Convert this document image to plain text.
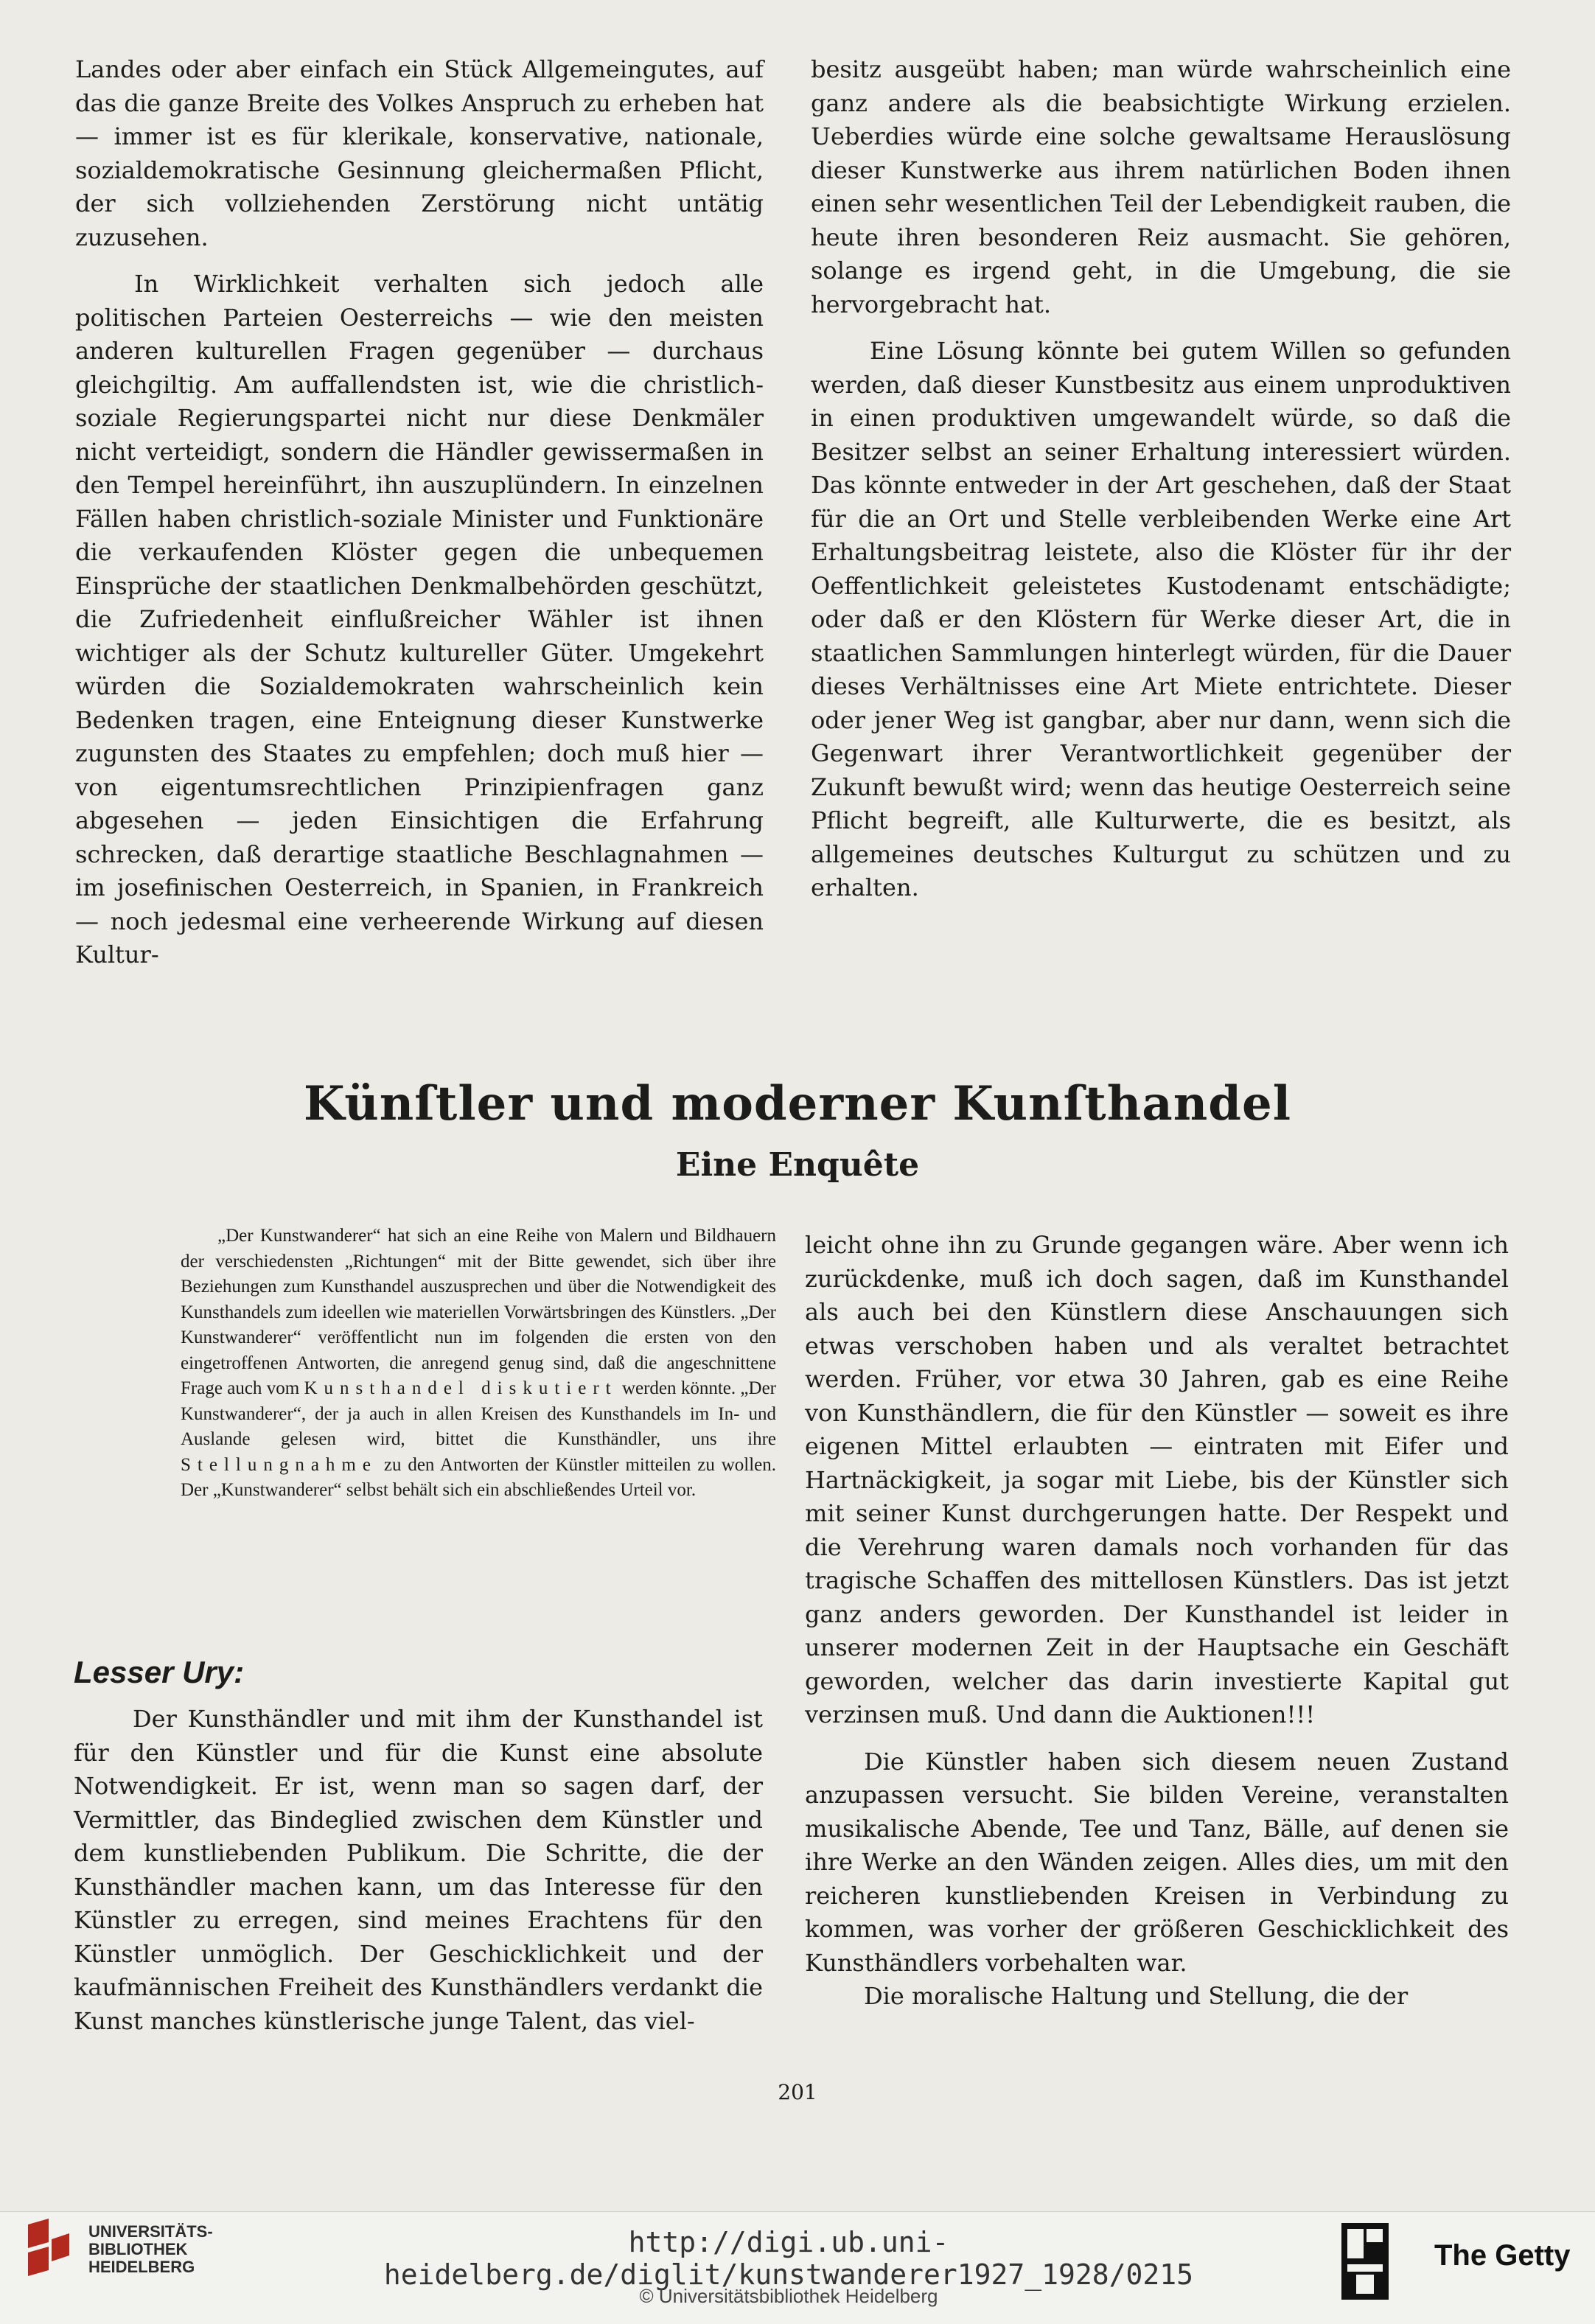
Landes oder aber einfach ein Stück Allgemeingutes, auf das die ganze Breite des Volkes Anspruch zu erheben hat — immer ist es für klerikale, konservative, nationale, sozialdemokratische Gesinnung gleichermaßen Pflicht, der sich vollziehenden Zerstörung nicht untätig zuzusehen.

In Wirklichkeit verhalten sich jedoch alle politischen Parteien Oesterreichs — wie den meisten anderen kulturellen Fragen gegenüber — durchaus gleichgiltig. Am auffallendsten ist, wie die christlich-soziale Regierungspartei nicht nur diese Denkmäler nicht verteidigt, sondern die Händler gewissermaßen in den Tempel hereinführt, ihn auszuplündern. In einzelnen Fällen haben christlich-soziale Minister und Funktionäre die verkaufenden Klöster gegen die unbequemen Einsprüche der staatlichen Denkmalbehörden geschützt, die Zufriedenheit einflußreicher Wähler ist ihnen wichtiger als der Schutz kultureller Güter. Umgekehrt würden die Sozialdemokraten wahrscheinlich kein Bedenken tragen, eine Enteignung dieser Kunstwerke zugunsten des Staates zu empfehlen; doch muß hier — von eigentumsrechtlichen Prinzipienfragen ganz abgesehen — jeden Einsichtigen die Erfahrung schrecken, daß derartige staatliche Beschlagnahmen — im josefinischen Oesterreich, in Spanien, in Frankreich — noch jedesmal eine verheerende Wirkung auf diesen Kultur-

besitz ausgeübt haben; man würde wahrscheinlich eine ganz andere als die beabsichtigte Wirkung erzielen. Ueberdies würde eine solche gewaltsame Herauslösung dieser Kunstwerke aus ihrem natürlichen Boden ihnen einen sehr wesentlichen Teil der Lebendigkeit rauben, die heute ihren besonderen Reiz ausmacht. Sie gehören, solange es irgend geht, in die Umgebung, die sie hervorgebracht hat.

Eine Lösung könnte bei gutem Willen so gefunden werden, daß dieser Kunstbesitz aus einem unproduktiven in einen produktiven umgewandelt würde, so daß die Besitzer selbst an seiner Erhaltung interessiert würden. Das könnte entweder in der Art geschehen, daß der Staat für die an Ort und Stelle verbleibenden Werke eine Art Erhaltungsbeitrag leistete, also die Klöster für ihr der Oeffentlichkeit geleistetes Kustodenamt entschädigte; oder daß er den Klöstern für Werke dieser Art, die in staatlichen Sammlungen hinterlegt würden, für die Dauer dieses Verhältnisses eine Art Miete entrichtete. Dieser oder jener Weg ist gangbar, aber nur dann, wenn sich die Gegenwart ihrer Verantwortlichkeit gegenüber der Zukunft bewußt wird; wenn das heutige Oesterreich seine Pflicht begreift, alle Kulturwerte, die es besitzt, als allgemeines deutsches Kulturgut zu schützen und zu erhalten.

Künſtler und moderner Kunſthandel
Eine Enquête
„Der Kunstwanderer“ hat sich an eine Reihe von Malern und Bildhauern der verschiedensten „Richtungen“ mit der Bitte gewendet, sich über ihre Beziehungen zum Kunsthandel auszusprechen und über die Notwendigkeit des Kunsthandels zum ideellen wie materiellen Vorwärtsbringen des Künstlers. „Der Kunstwanderer“ veröffentlicht nun im folgenden die ersten von den eingetroffenen Antworten, die anregend genug sind, daß die angeschnittene Frage auch vom Kunsthandel diskutiert werden könnte. „Der Kunstwanderer“, der ja auch in allen Kreisen des Kunsthandels im In- und Auslande gelesen wird, bittet die Kunsthändler, uns ihre Stellungnahme zu den Antworten der Künstler mitteilen zu wollen. Der „Kunstwanderer“ selbst behält sich ein abschließendes Urteil vor.
Lesser Ury:

Der Kunsthändler und mit ihm der Kunsthandel ist für den Künstler und für die Kunst eine absolute Notwendigkeit. Er ist, wenn man so sagen darf, der Vermittler, das Bindeglied zwischen dem Künstler und dem kunstliebenden Publikum. Die Schritte, die der Kunsthändler machen kann, um das Interesse für den Künstler zu erregen, sind meines Erachtens für den Künstler unmöglich. Der Geschicklichkeit und der kaufmännischen Freiheit des Kunsthändlers verdankt die Kunst manches künstlerische junge Talent, das viel-

leicht ohne ihn zu Grunde gegangen wäre. Aber wenn ich zurückdenke, muß ich doch sagen, daß im Kunsthandel als auch bei den Künstlern diese Anschauungen sich etwas verschoben haben und als veraltet betrachtet werden. Früher, vor etwa 30 Jahren, gab es eine Reihe von Kunsthändlern, die für den Künstler — soweit es ihre eigenen Mittel erlaubten — eintraten mit Eifer und Hartnäckigkeit, ja sogar mit Liebe, bis der Künstler sich mit seiner Kunst durchgerungen hatte. Der Respekt und die Verehrung waren damals noch vorhanden für das tragische Schaffen des mittellosen Künstlers. Das ist jetzt ganz anders geworden. Der Kunsthandel ist leider in unserer modernen Zeit in der Hauptsache ein Geschäft geworden, welcher das darin investierte Kapital gut verzinsen muß. Und dann die Auktionen!!!

Die Künstler haben sich diesem neuen Zustand anzupassen versucht. Sie bilden Vereine, veranstalten musikalische Abende, Tee und Tanz, Bälle, auf denen sie ihre Werke an den Wänden zeigen. Alles dies, um mit den reicheren kunstliebenden Kreisen in Verbindung zu kommen, was vorher der größeren Geschicklichkeit des Kunsthändlers vorbehalten war.

Die moralische Haltung und Stellung, die der

201
UNIVERSITÄTS-
BIBLIOTHEK
HEIDELBERG
http://digi.ub.uni-heidelberg.de/diglit/kunstwanderer1927_1928/0215
© Universitätsbibliothek Heidelberg
The Getty
